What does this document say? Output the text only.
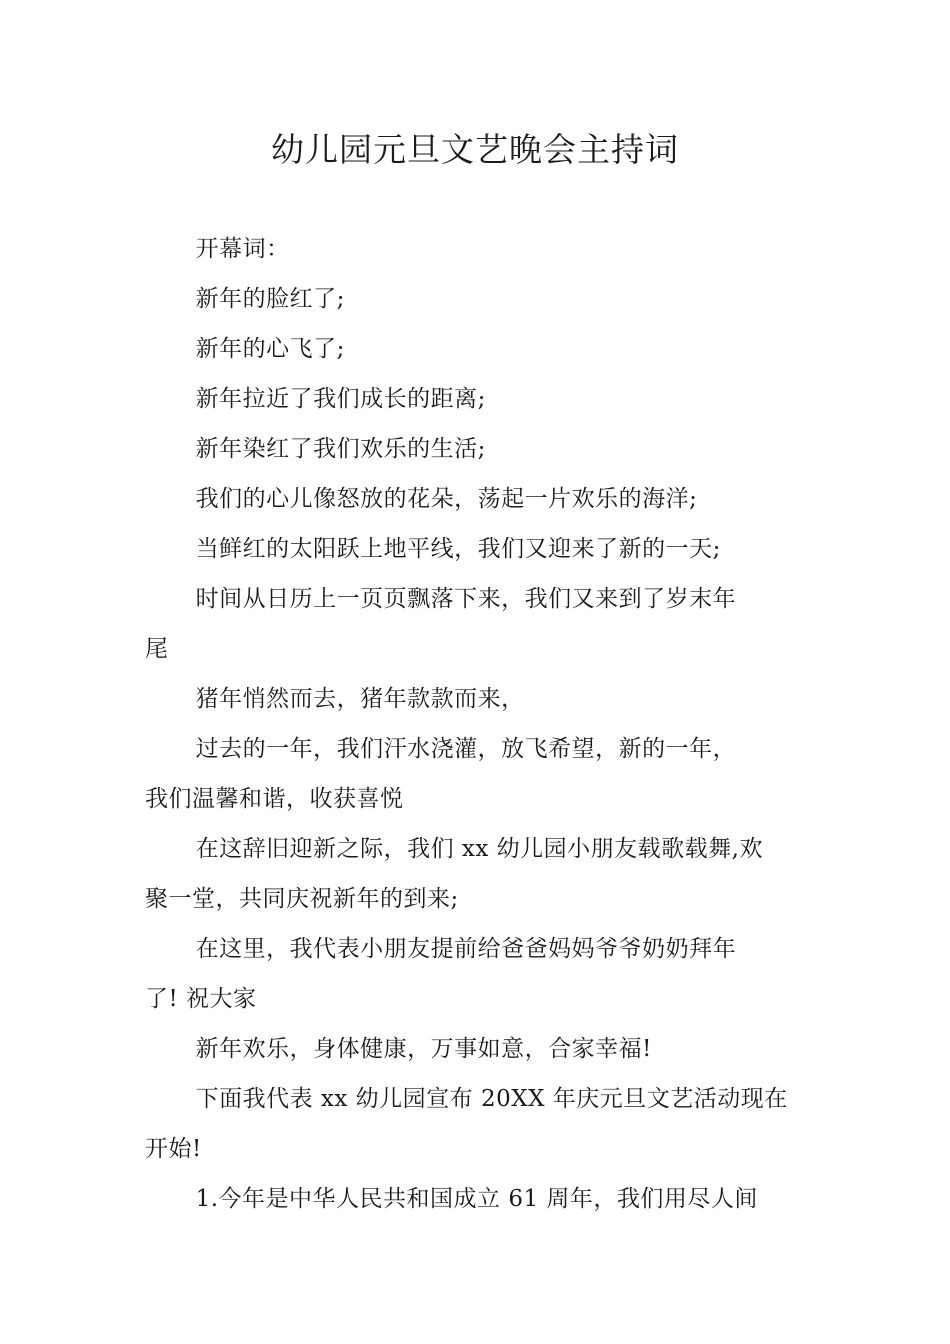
幼儿园元旦文艺晚会主持词

开幕词：

新年的脸红了;

新年的心飞了;

新年拉近了我们成长的距离;

新年染红了我们欢乐的生活;

我们的心儿像怒放的花朵，荡起一片欢乐的海洋;

当鲜红的太阳跃上地平线，我们又迎来了新的一天;

时间从日历上一页页飘落下来，我们又来到了岁末年
尾

猪年悄然而去，猪年款款而来，

过去的一年，我们汗水浇灌，放飞希望，新的一年，
我们温馨和谐，收获喜悦

在这辞旧迎新之际，我们 xx 幼儿园小朋友载歌载舞,欢
聚一堂，共同庆祝新年的到来;

在这里，我代表小朋友提前给爸爸妈妈爷爷奶奶拜年
了! 祝大家

新年欢乐，身体健康，万事如意，合家幸福!

下面我代表 xx 幼儿园宣布 20XX 年庆元旦文艺活动现在
开始!

1.今年是中华人民共和国成立 61 周年，我们用尽人间
